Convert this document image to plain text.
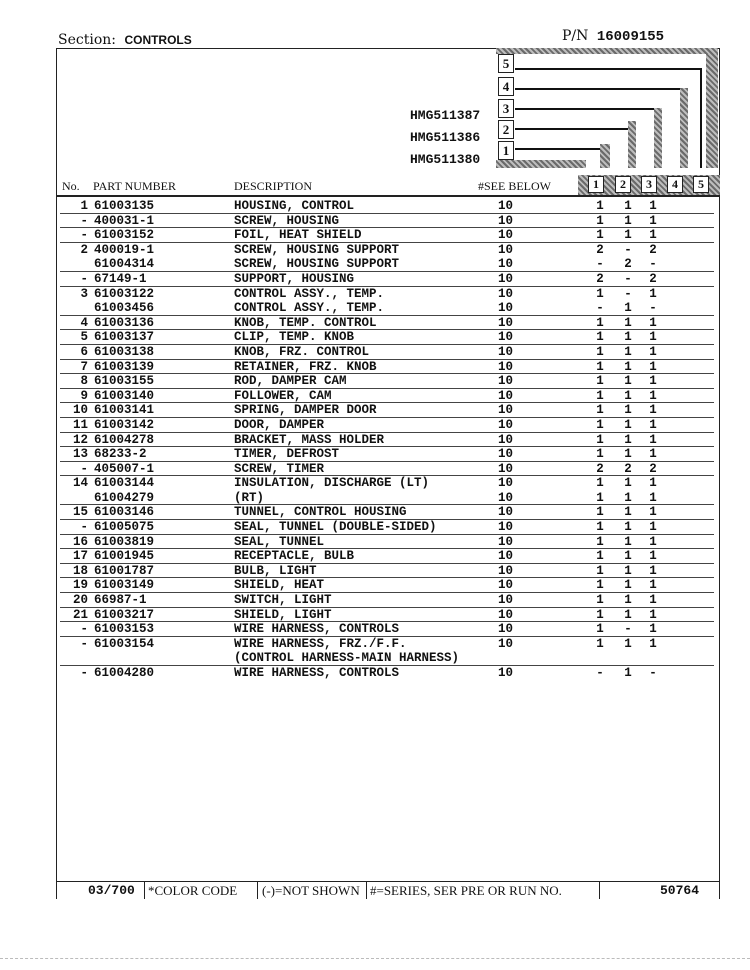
Section: CONTROLS	P/N 16009155
5
4
3
2
1
HMG511387
HMG511386
HMG511380
No. PART NUMBER	DESCRIPTION	#SEE BELOW	1	2	3	4	5
1 61003135	HOUSING, CONTROL	10	1	1	1
- 400031-1	SCREW, HOUSING	10	1	1	1
- 61003152	FOIL, HEAT SHIELD	10	1	1	1
2 400019-1	SCREW, HOUSING SUPPORT	10	2	-	2
61004314	SCREW, HOUSING SUPPORT	10	-	2	-
- 67149-1	SUPPORT, HOUSING	10	2	-	2
3 61003122	CONTROL ASSY., TEMP.	10	1	-	1
61003456	CONTROL ASSY., TEMP.	10	-	1	-
4 61003136	KNOB, TEMP. CONTROL	10	1	1	1
5 61003137	CLIP, TEMP. KNOB	10	1	1	1
6 61003138	KNOB, FRZ. CONTROL	10	1	1	1
7 61003139	RETAINER, FRZ. KNOB	10	1	1	1
8 61003155	ROD, DAMPER CAM	10	1	1	1
9 61003140	FOLLOWER, CAM	10	1	1	1
10 61003141	SPRING, DAMPER DOOR	10	1	1	1
11 61003142	DOOR, DAMPER	10	1	1	1
12 61004278	BRACKET, MASS HOLDER	10	1	1	1
13 68233-2	TIMER, DEFROST	10	1	1	1
- 405007-1	SCREW, TIMER	10	2	2	2
14 61003144	INSULATION, DISCHARGE (LT)	10	1	1	1
61004279	(RT)	10	1	1	1
15 61003146	TUNNEL, CONTROL HOUSING	10	1	1	1
- 61005075	SEAL, TUNNEL (DOUBLE-SIDED)	10	1	1	1
16 61003819	SEAL, TUNNEL	10	1	1	1
17 61001945	RECEPTACLE, BULB	10	1	1	1
18 61001787	BULB, LIGHT	10	1	1	1
19 61003149	SHIELD, HEAT	10	1	1	1
20 66987-1	SWITCH, LIGHT	10	1	1	1
21 61003217	SHIELD, LIGHT	10	1	1	1
- 61003153	WIRE HARNESS, CONTROLS	10	1	-	1
- 61003154	WIRE HARNESS, FRZ./F.F.	10	1	1	1
(CONTROL HARNESS-MAIN HARNESS)
- 61004280	WIRE HARNESS, CONTROLS	10	-	1	-
03/700 *COLOR CODE (-)=NOT SHOWN #=SERIES, SER PRE OR RUN NO.	50764
